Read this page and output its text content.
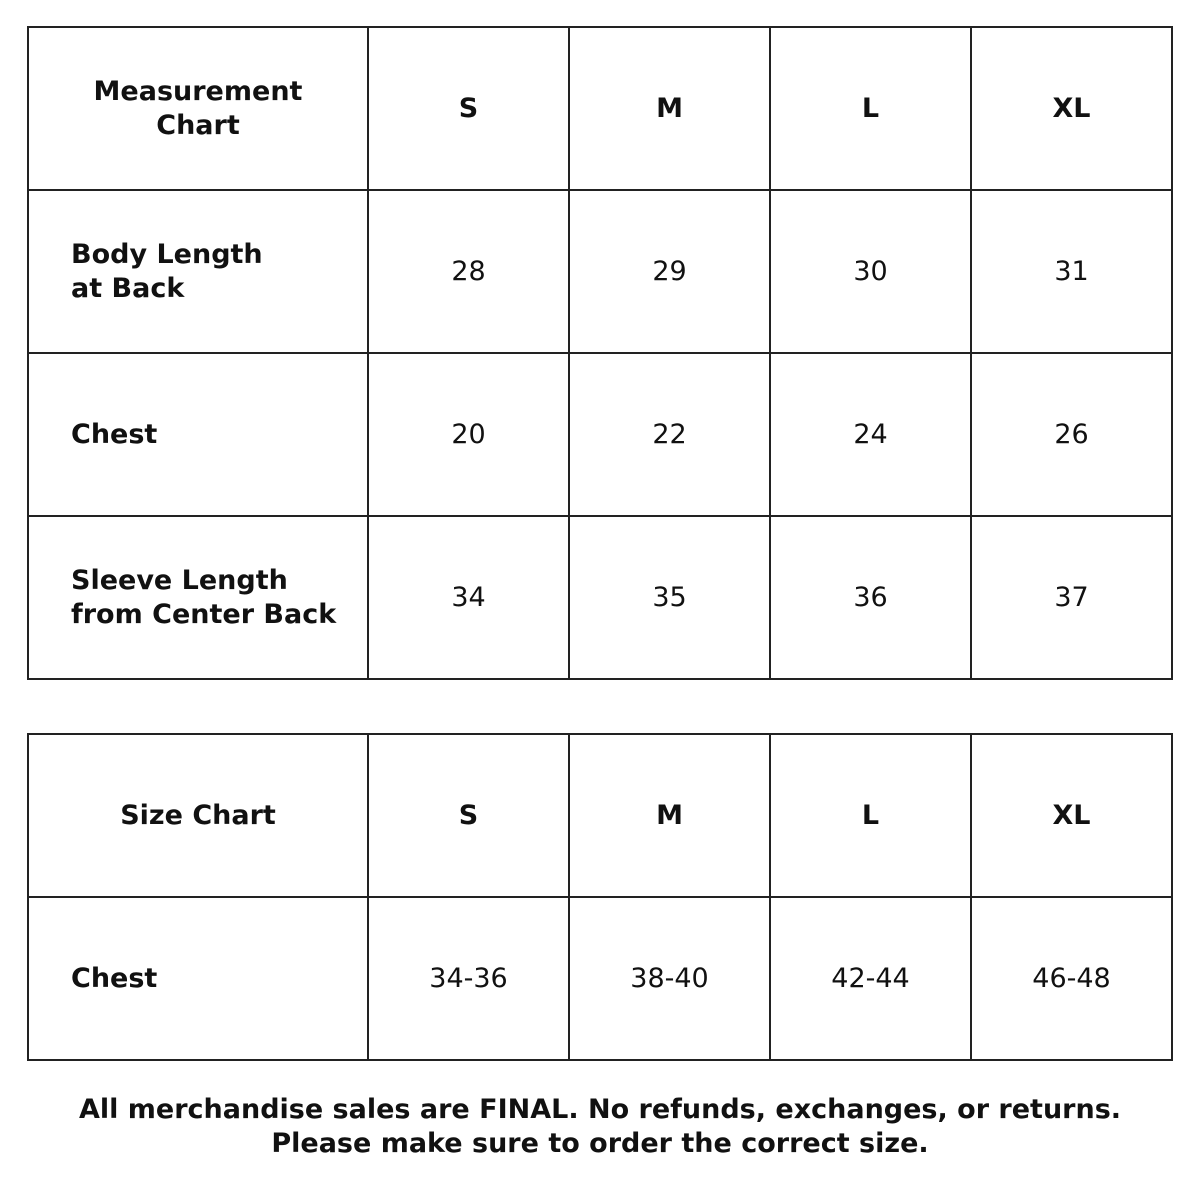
Measurement
Chart	S	M	L	XL

Body Length
at Back	28	29	30	31

Chest	20	22	24	26

Sleeve Length
from Center Back	34	35	36	37
Size Chart	S	M	L	XL
Chest	34-36	38-40	42-44	46-48
All merchandise sales are FINAL. No refunds, exchanges, or returns.
Please make sure to order the correct size.
